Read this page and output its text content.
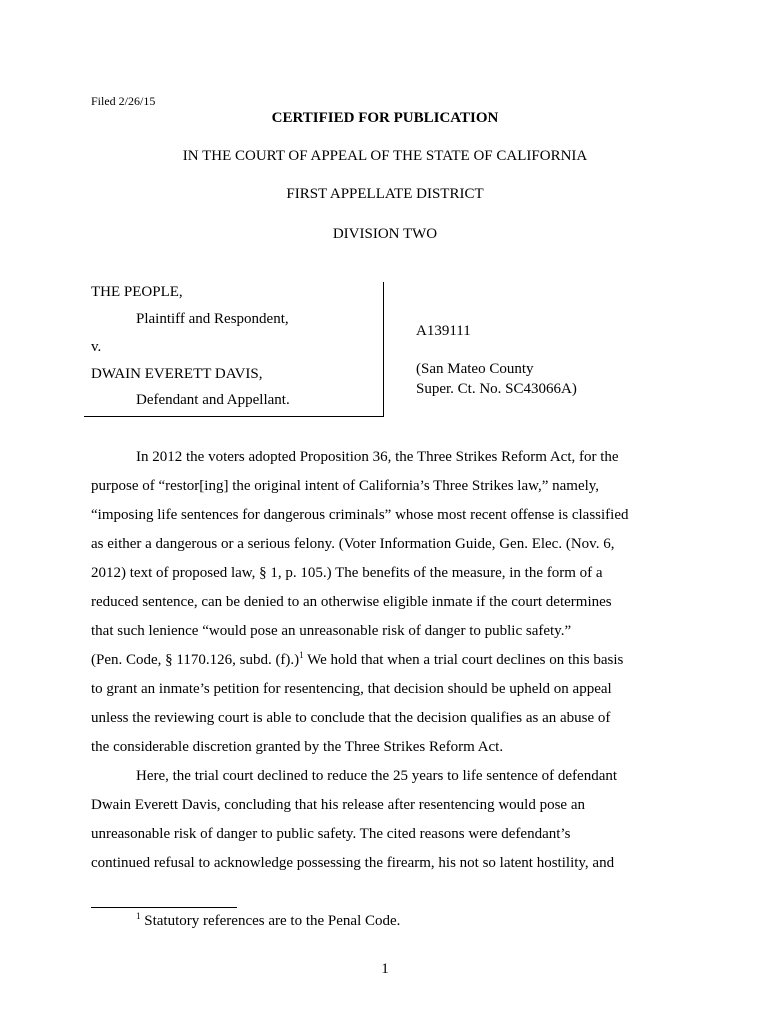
Filed 2/26/15
CERTIFIED FOR PUBLICATION
IN THE COURT OF APPEAL OF THE STATE OF CALIFORNIA
FIRST APPELLATE DISTRICT
DIVISION TWO
THE PEOPLE,
Plaintiff and Respondent,
v.
DWAIN EVERETT DAVIS,
Defendant and Appellant.
A139111
(San Mateo County
Super. Ct. No. SC43066A)
In 2012 the voters adopted Proposition 36, the Three Strikes Reform Act, for the
purpose of “restor[ing] the original intent of California’s Three Strikes law,” namely,
“imposing life sentences for dangerous criminals” whose most recent offense is classified
as either a dangerous or a serious felony. (Voter Information Guide, Gen. Elec. (Nov. 6,
2012) text of proposed law, § 1, p. 105.) The benefits of the measure, in the form of a
reduced sentence, can be denied to an otherwise eligible inmate if the court determines
that such lenience “would pose an unreasonable risk of danger to public safety.”
(Pen. Code, § 1170.126, subd. (f).)$^1$ We hold that when a trial court declines on this basis
to grant an inmate’s petition for resentencing, that decision should be upheld on appeal
unless the reviewing court is able to conclude that the decision qualifies as an abuse of
the considerable discretion granted by the Three Strikes Reform Act.
Here, the trial court declined to reduce the 25 years to life sentence of defendant
Dwain Everett Davis, concluding that his release after resentencing would pose an
unreasonable risk of danger to public safety. The cited reasons were defendant’s
continued refusal to acknowledge possessing the firearm, his not so latent hostility, and
$^1$ Statutory references are to the Penal Code.
1
